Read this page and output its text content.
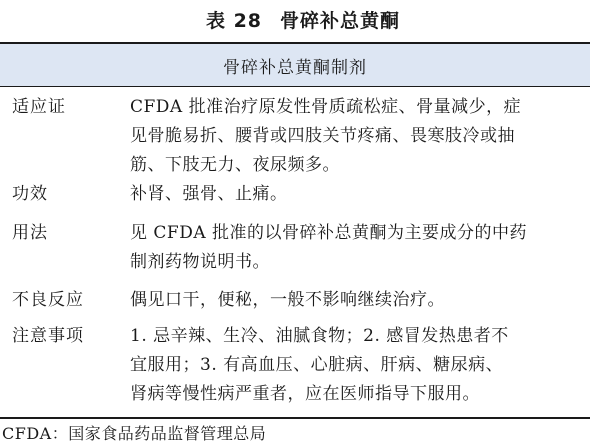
表 28 骨碎补总黄酮
骨碎补总黄酮制剂
适应证	CFDA 批准治疗原发性骨质疏松症、骨量减少，症
见骨脆易折、腰背或四肢关节疼痛、畏寒肢冷或抽
筋、下肢无力、夜尿频多。
功效	补肾、强骨、止痛。
用法	见 CFDA 批准的以骨碎补总黄酮为主要成分的中药
制剂药物说明书。
不良反应	偶见口干，便秘，一般不影响继续治疗。
注意事项	1. 忌辛辣、生冷、油腻食物；2. 感冒发热患者不
宜服用；3. 有高血压、心脏病、肝病、糖尿病、
肾病等慢性病严重者，应在医师指导下服用。
CFDA：国家食品药品监督管理总局
